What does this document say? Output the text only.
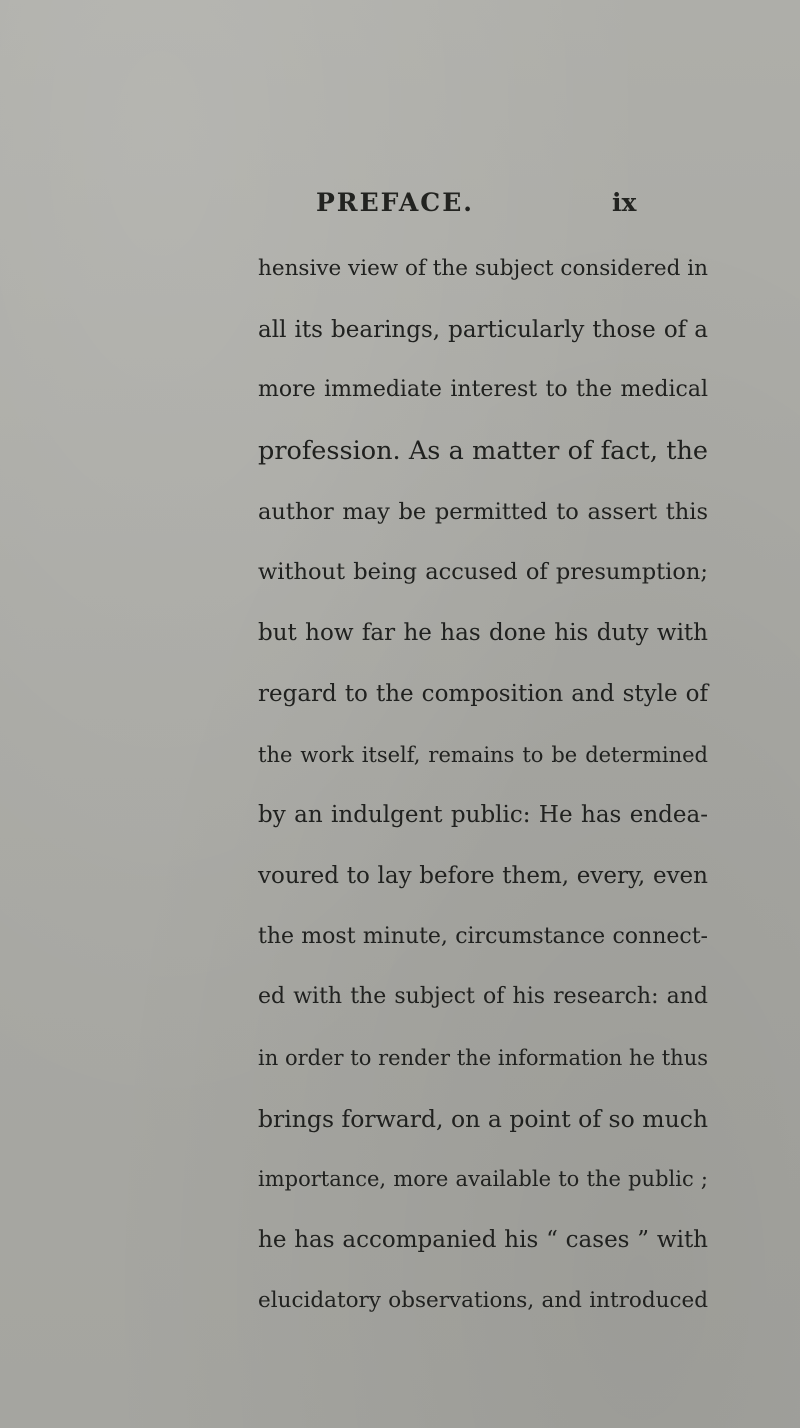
PREFACE.	ix
hensive view of the subject considered in
all its bearings, particularly those of a
more immediate interest to the medical
profession. As a matter of fact, the
author may be permitted to assert this
without being accused of presumption;
but how far he has done his duty with
regard to the composition and style of
the work itself, remains to be determined
by an indulgent public: He has endea-
voured to lay before them, every, even
the most minute, circumstance connect-
ed with the subject of his research: and
in order to render the information he thus
brings forward, on a point of so much
importance, more available to the public ;
he has accompanied his “ cases ” with
elucidatory observations, and introduced
